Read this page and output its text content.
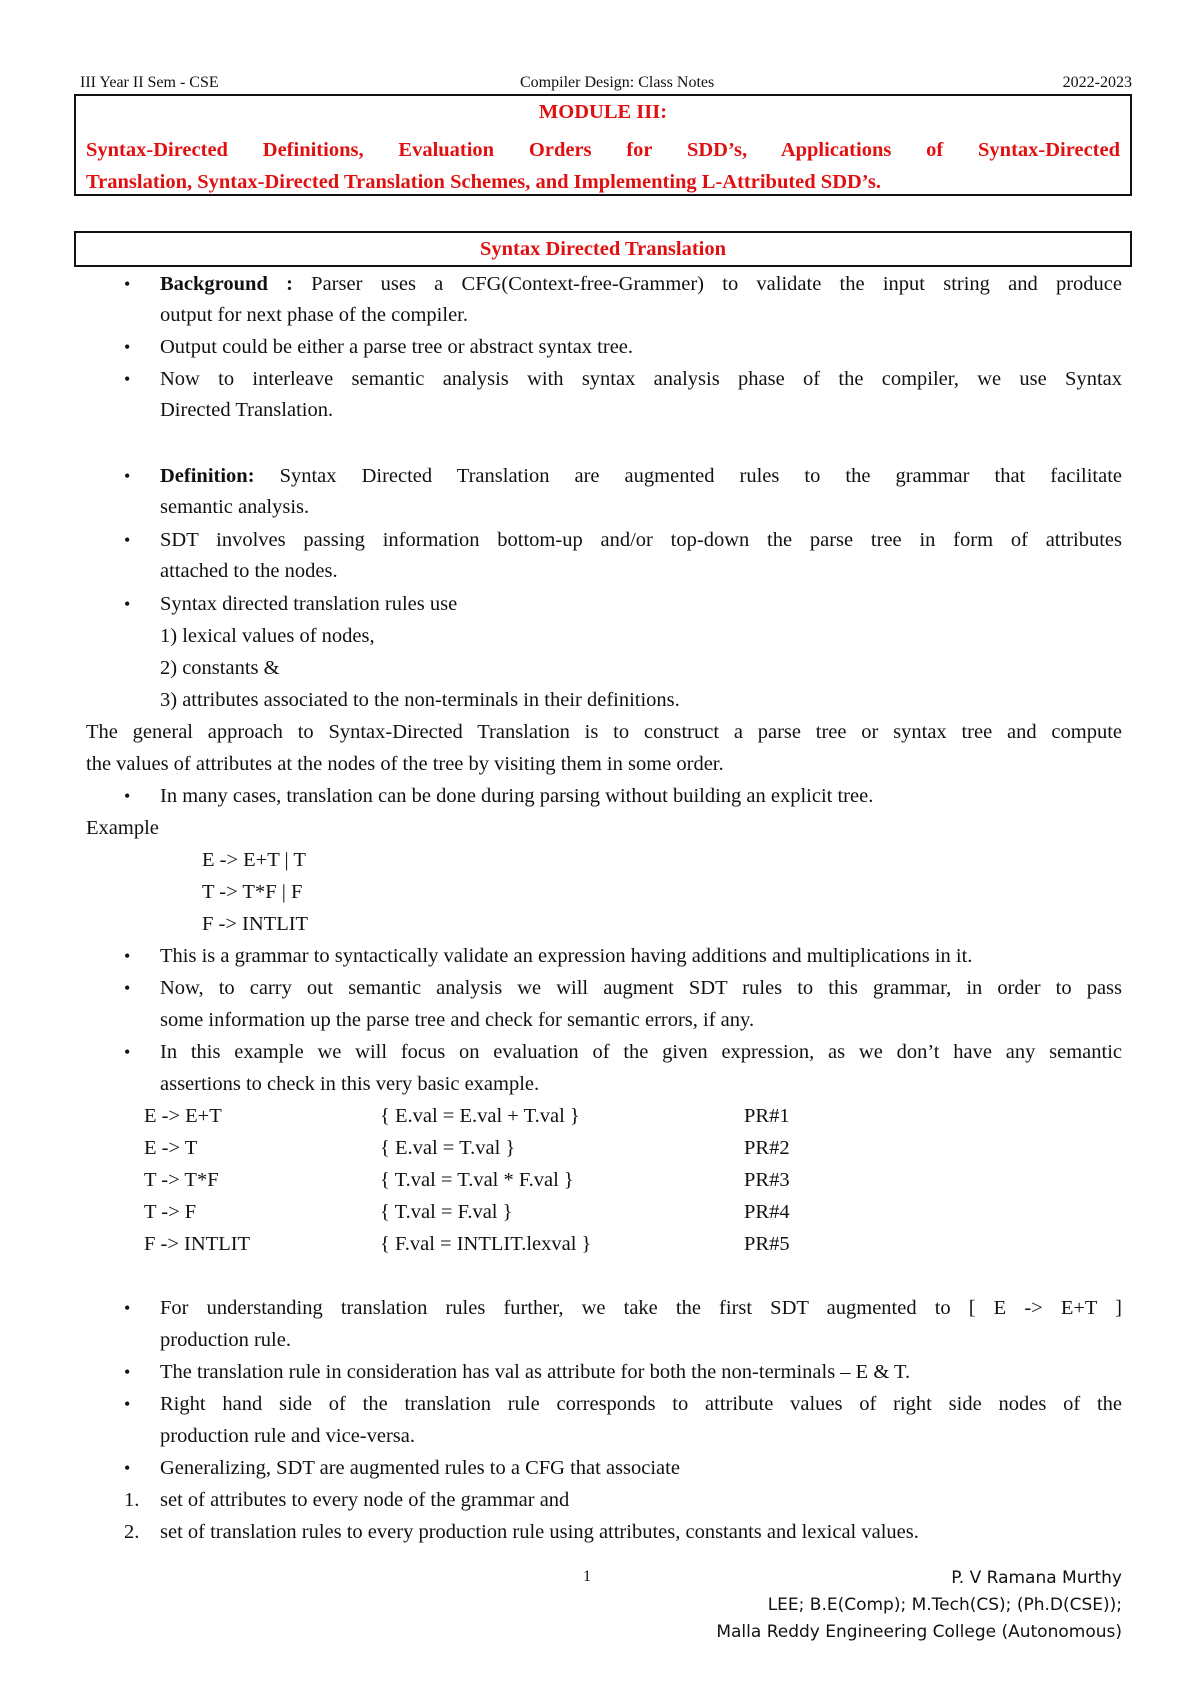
III Year II Sem - CSE	Compiler Design: Class Notes	2022-2023
MODULE III:
Syntax-Directed Definitions, Evaluation Orders for SDD’s, Applications of Syntax-Directed
Translation, Syntax-Directed Translation Schemes, and Implementing L-Attributed SDD’s.
Syntax Directed Translation
• Background : Parser uses a CFG(Context-free-Grammer) to validate the input string and produce
output for next phase of the compiler.
• Output could be either a parse tree or abstract syntax tree.
• Now to interleave semantic analysis with syntax analysis phase of the compiler, we use Syntax
Directed Translation.
• Definition: Syntax Directed Translation are augmented rules to the grammar that facilitate
semantic analysis.
• SDT involves passing information bottom-up and/or top-down the parse tree in form of attributes
attached to the nodes.
• Syntax directed translation rules use
1) lexical values of nodes,
2) constants &
3) attributes associated to the non-terminals in their definitions.
The general approach to Syntax-Directed Translation is to construct a parse tree or syntax tree and compute
the values of attributes at the nodes of the tree by visiting them in some order.
• In many cases, translation can be done during parsing without building an explicit tree.
Example
E -> E+T | T
T -> T*F | F
F -> INTLIT
• This is a grammar to syntactically validate an expression having additions and multiplications in it.
• Now, to carry out semantic analysis we will augment SDT rules to this grammar, in order to pass
some information up the parse tree and check for semantic errors, if any.
• In this example we will focus on evaluation of the given expression, as we don’t have any semantic
assertions to check in this very basic example.
E -> E+T	{ E.val = E.val + T.val }	PR#1
E -> T	{ E.val = T.val }	PR#2
T -> T*F	{ T.val = T.val * F.val }	PR#3
T -> F	{ T.val = F.val }	PR#4
F -> INTLIT	{ F.val = INTLIT.lexval }	PR#5
• For understanding translation rules further, we take the first SDT augmented to [ E -> E+T ]
production rule.
• The translation rule in consideration has val as attribute for both the non-terminals – E & T.
• Right hand side of the translation rule corresponds to attribute values of right side nodes of the
production rule and vice-versa.
• Generalizing, SDT are augmented rules to a CFG that associate
1. set of attributes to every node of the grammar and
2. set of translation rules to every production rule using attributes, constants and lexical values.
1	P. V Ramana Murthy
LEE; B.E(Comp); M.Tech(CS); (Ph.D(CSE));
Malla Reddy Engineering College (Autonomous)
